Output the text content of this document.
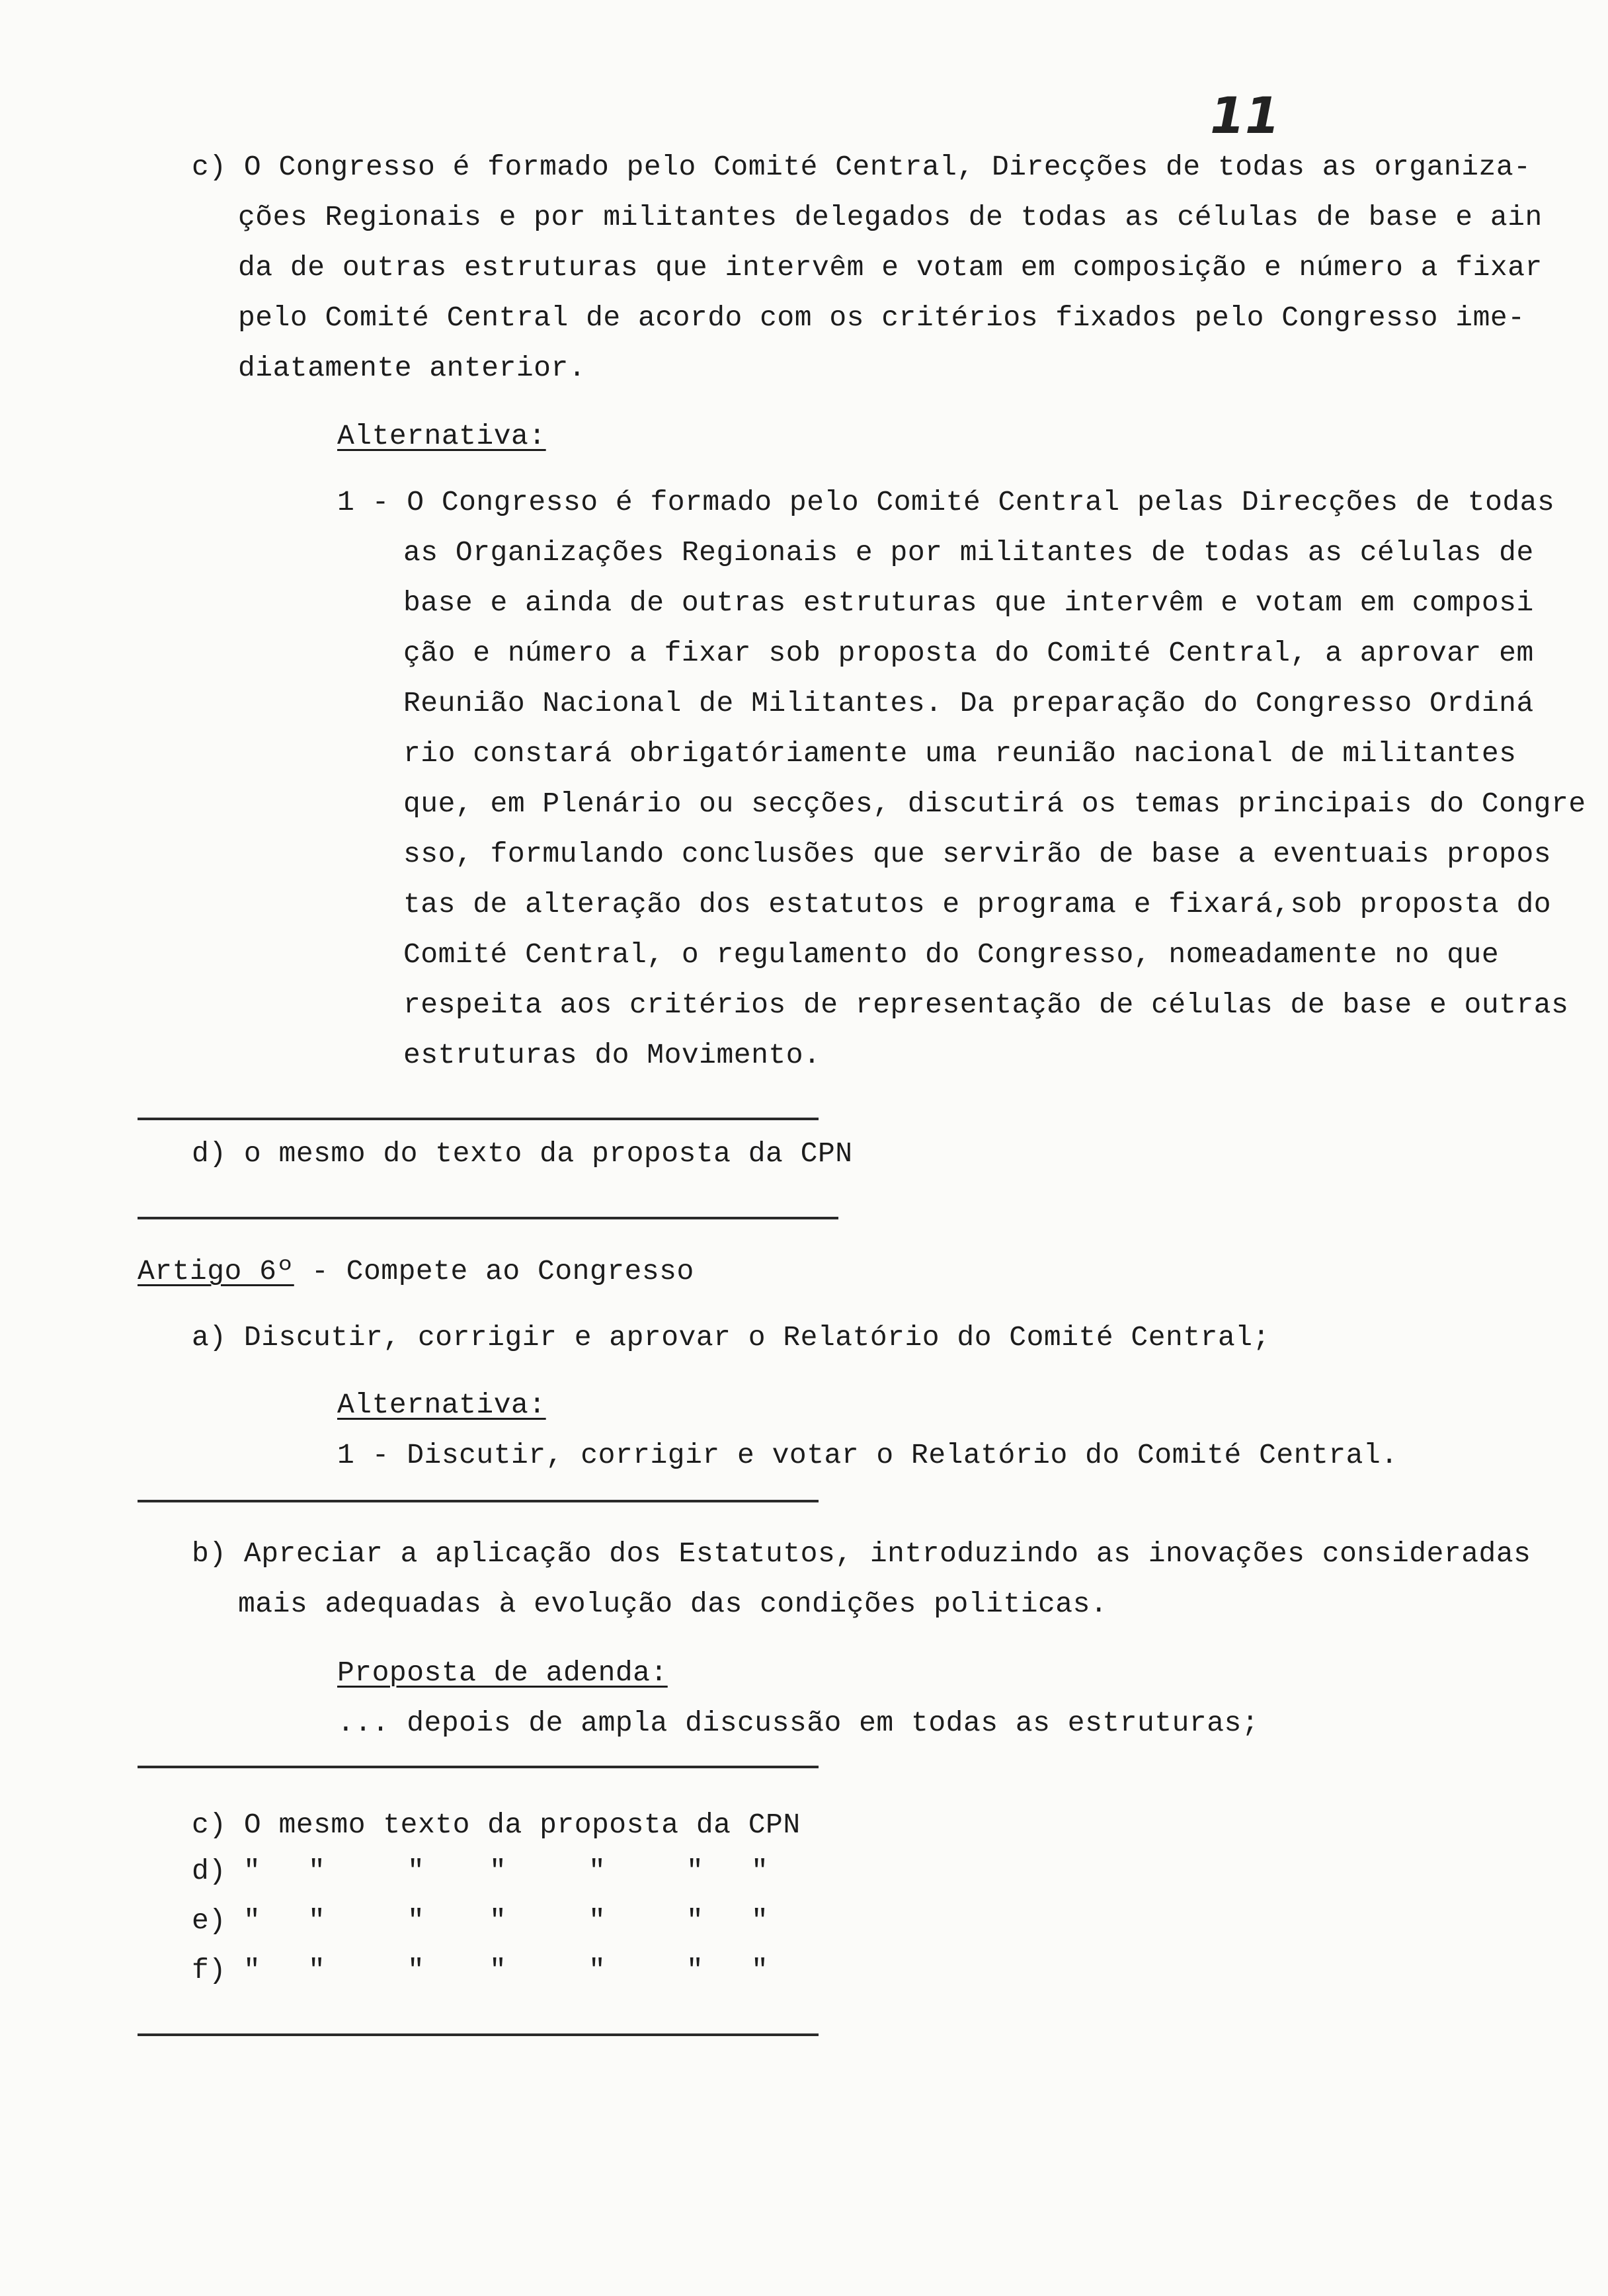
11
c) O Congresso é formado pelo Comité Central, Direcções de todas as organiza-
ções Regionais e por militantes delegados de todas as células de base e ain
da de outras estruturas que intervêm e votam em composição e número a fixar
pelo Comité Central de acordo com os critérios fixados pelo Congresso ime-
diatamente anterior.
Alternativa:
1 - O Congresso é formado pelo Comité Central pelas Direcções de todas
as Organizações Regionais e por militantes de todas as células de
base e ainda de outras estruturas que intervêm e votam em composi
ção e número a fixar sob proposta do Comité Central, a aprovar em
Reunião Nacional de Militantes. Da preparação do Congresso Ordiná
rio constará obrigatóriamente uma reunião nacional de militantes
que, em Plenário ou secções, discutirá os temas principais do Congre
sso, formulando conclusões que servirão de base a eventuais propos
tas de alteração dos estatutos e programa e fixará,sob proposta do
Comité Central, o regulamento do Congresso, nomeadamente no que
respeita aos critérios de representação de células de base e outras
estruturas do Movimento.
d) o mesmo do texto da proposta da CPN
Artigo 6º - Compete ao Congresso
a) Discutir, corrigir e aprovar o Relatório do Comité Central;
Alternativa:
1 - Discutir, corrigir e votar o Relatório do Comité Central.
b) Apreciar a aplicação dos Estatutos, introduzindo as inovações consideradas
mais adequadas à evolução das condições politicas.
Proposta de adenda:
... depois de ampla discussão em todas as estruturas;
c) O mesmo texto da proposta da CPN
d) " "	" "	"	" "
e) " "	" "	"	" "
f) " "	" "	"	" "
